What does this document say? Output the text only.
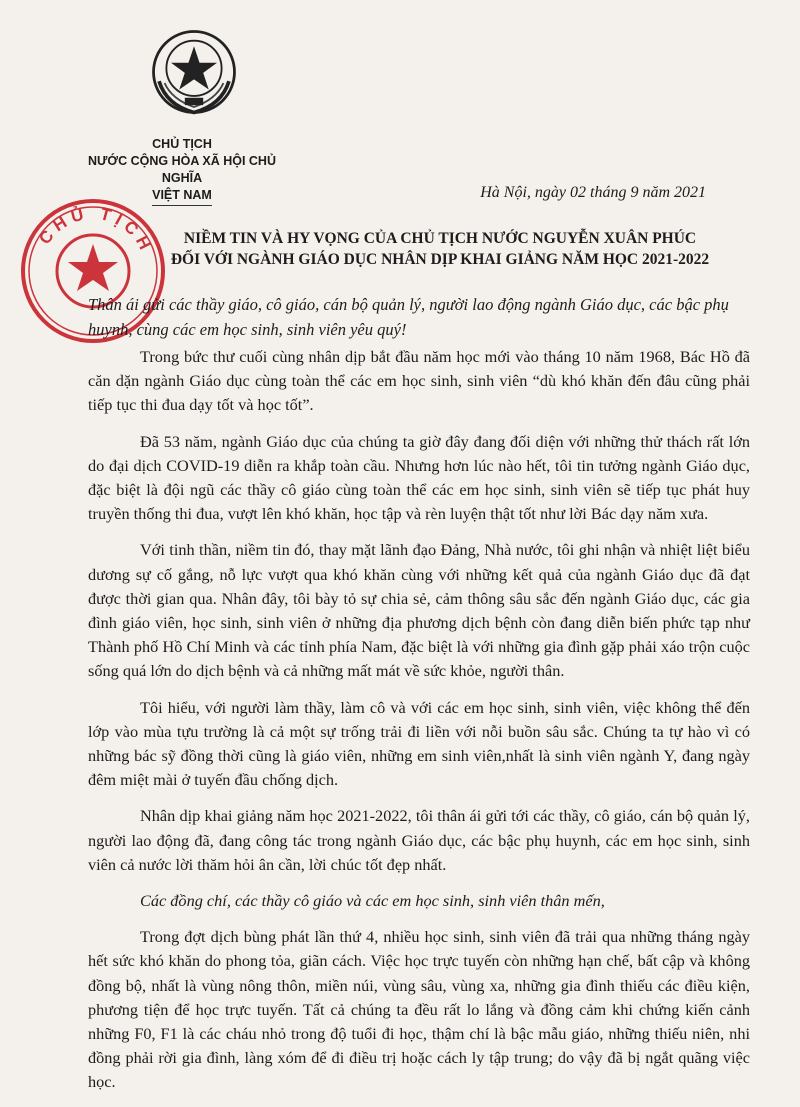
CHỦ TỊCH
NƯỚC CỘNG HÒA XÃ HỘI CHỦ NGHĨA
VIỆT NAM	Hà Nội, ngày 02 tháng 9 năm 2021
CHỦ TỊCH	NIỀM TIN VÀ HY VỌNG CỦA CHỦ TỊCH NƯỚC NGUYỄN XUÂN PHÚC
ĐỐI VỚI NGÀNH GIÁO DỤC NHÂN DỊP KHAI GIẢNG NĂM HỌC 2021-2022
Thân ái gửi các thầy giáo, cô giáo, cán bộ quản lý, người lao động ngành Giáo dục, các bậc phụ huynh, cùng các em học sinh, sinh viên yêu quý!

Trong bức thư cuối cùng nhân dịp bắt đầu năm học mới vào tháng 10 năm 1968, Bác Hồ đã căn dặn ngành Giáo dục cùng toàn thể các em học sinh, sinh viên “dù khó khăn đến đâu cũng phải tiếp tục thi đua dạy tốt và học tốt”.

Đã 53 năm, ngành Giáo dục của chúng ta giờ đây đang đối diện với những thử thách rất lớn do đại dịch COVID-19 diễn ra khắp toàn cầu. Nhưng hơn lúc nào hết, tôi tin tưởng ngành Giáo dục, đặc biệt là đội ngũ các thầy cô giáo cùng toàn thể các em học sinh, sinh viên sẽ tiếp tục phát huy truyền thống thi đua, vượt lên khó khăn, học tập và rèn luyện thật tốt như lời Bác dạy năm xưa.

Với tinh thần, niềm tin đó, thay mặt lãnh đạo Đảng, Nhà nước, tôi ghi nhận và nhiệt liệt biểu dương sự cố gắng, nỗ lực vượt qua khó khăn cùng với những kết quả của ngành Giáo dục đã đạt được thời gian qua. Nhân đây, tôi bày tỏ sự chia sẻ, cảm thông sâu sắc đến ngành Giáo dục, các gia đình giáo viên, học sinh, sinh viên ở những địa phương dịch bệnh còn đang diễn biến phức tạp như Thành phố Hồ Chí Minh và các tỉnh phía Nam, đặc biệt là với những gia đình gặp phải xáo trộn cuộc sống quá lớn do dịch bệnh và cả những mất mát về sức khỏe, người thân.

Tôi hiểu, với người làm thầy, làm cô và với các em học sinh, sinh viên, việc không thể đến lớp vào mùa tựu trường là cả một sự trống trải đi liền với nỗi buồn sâu sắc. Chúng ta tự hào vì có những bác sỹ đồng thời cũng là giáo viên, những em sinh viên,nhất là sinh viên ngành Y, đang ngày đêm miệt mài ở tuyến đầu chống dịch.

Nhân dịp khai giảng năm học 2021-2022, tôi thân ái gửi tới các thầy, cô giáo, cán bộ quản lý, người lao động đã, đang công tác trong ngành Giáo dục, các bậc phụ huynh, các em học sinh, sinh viên cả nước lời thăm hỏi ân cần, lời chúc tốt đẹp nhất.

Các đồng chí, các thầy cô giáo và các em học sinh, sinh viên thân mến,

Trong đợt dịch bùng phát lần thứ 4, nhiều học sinh, sinh viên đã trải qua những tháng ngày hết sức khó khăn do phong tỏa, giãn cách. Việc học trực tuyến còn những hạn chế, bất cập và không đồng bộ, nhất là vùng nông thôn, miền núi, vùng sâu, vùng xa, những gia đình thiếu các điều kiện, phương tiện để học trực tuyến. Tất cả chúng ta đều rất lo lắng và đồng cảm khi chứng kiến cảnh những F0, F1 là các cháu nhỏ trong độ tuổi đi học, thậm chí là bậc mẫu giáo, những thiếu niên, nhi đồng phải rời gia đình, làng xóm để đi điều trị hoặc cách ly tập trung; do vậy đã bị ngắt quãng việc học.
